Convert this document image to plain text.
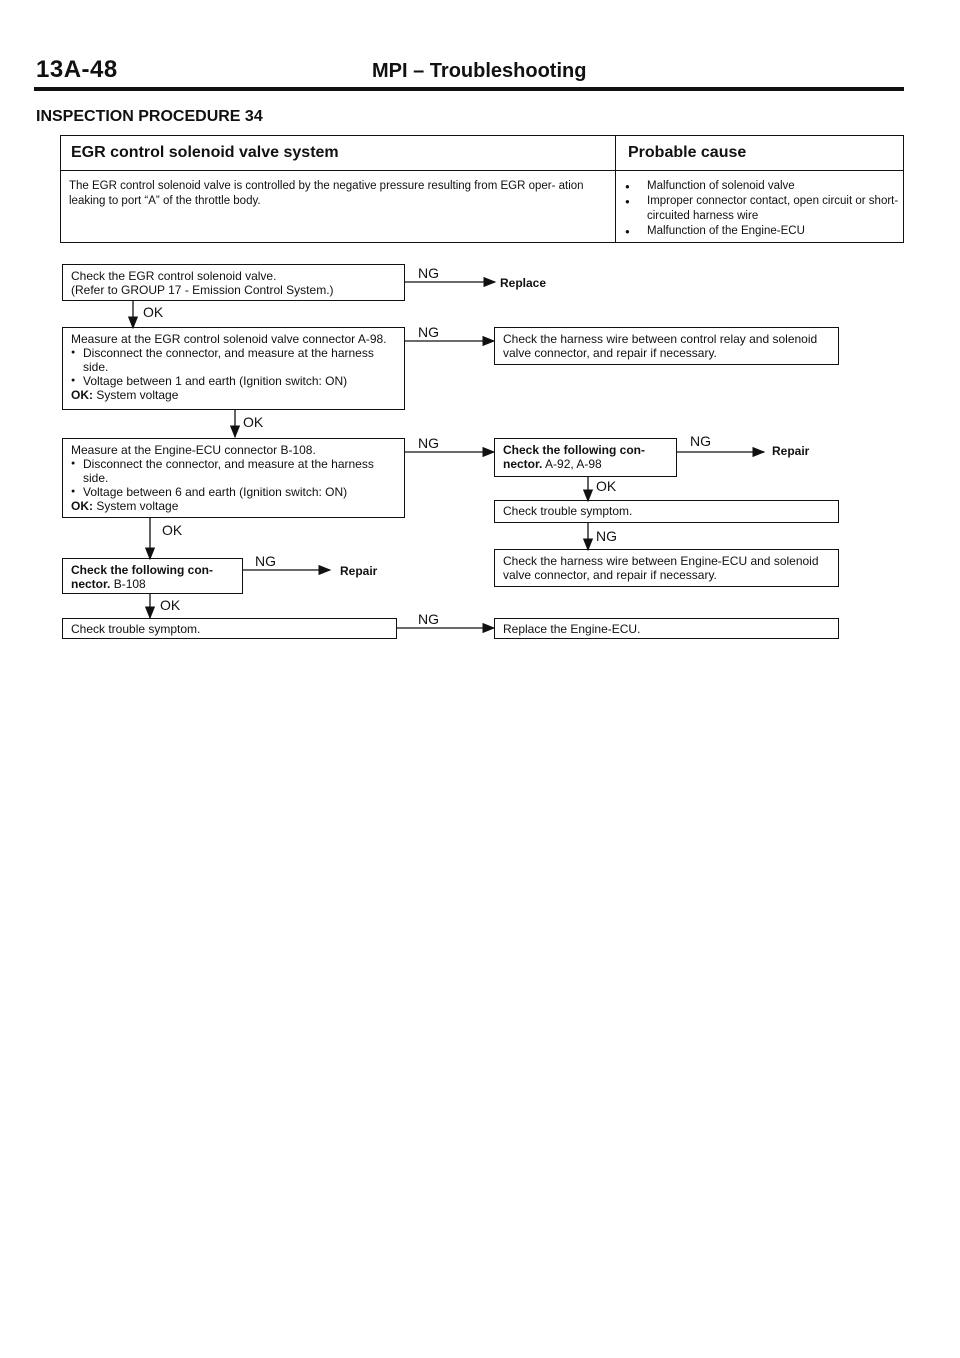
13A-48	MPI – Troubleshooting
INSPECTION PROCEDURE 34
EGR control solenoid valve system	Probable cause
The EGR control solenoid valve is controlled by the negative pressure resulting from EGR oper- ation leaking to port “A” of the throttle body.
● Malfunction of solenoid valve
● Improper connector contact, open circuit or short-circuited harness wire
● Malfunction of the Engine-ECU
Check the EGR control solenoid valve.
(Refer to GROUP 17 - Emission Control System.)
Measure at the EGR control solenoid valve connector A-98.
● Disconnect the connector, and measure at the harness side.
● Voltage between 1 and earth (Ignition switch: ON)
OK: System voltage
Measure at the Engine-ECU connector B-108.
● Disconnect the connector, and measure at the harness side.
● Voltage between 6 and earth (Ignition switch: ON)
OK: System voltage
Check the following con- nector. B-108
Check trouble symptom.
Replace
Check the harness wire between control relay and solenoid valve connector, and repair if necessary.
Check the following con- nector. A-92, A-98
Repair
Check trouble symptom.
Check the harness wire between Engine-ECU and solenoid valve connector, and repair if necessary.
Repair
Replace the Engine-ECU.
NG
OK
NG
OK
NG	NG
OK
OK	NG
NG
OK
NG
